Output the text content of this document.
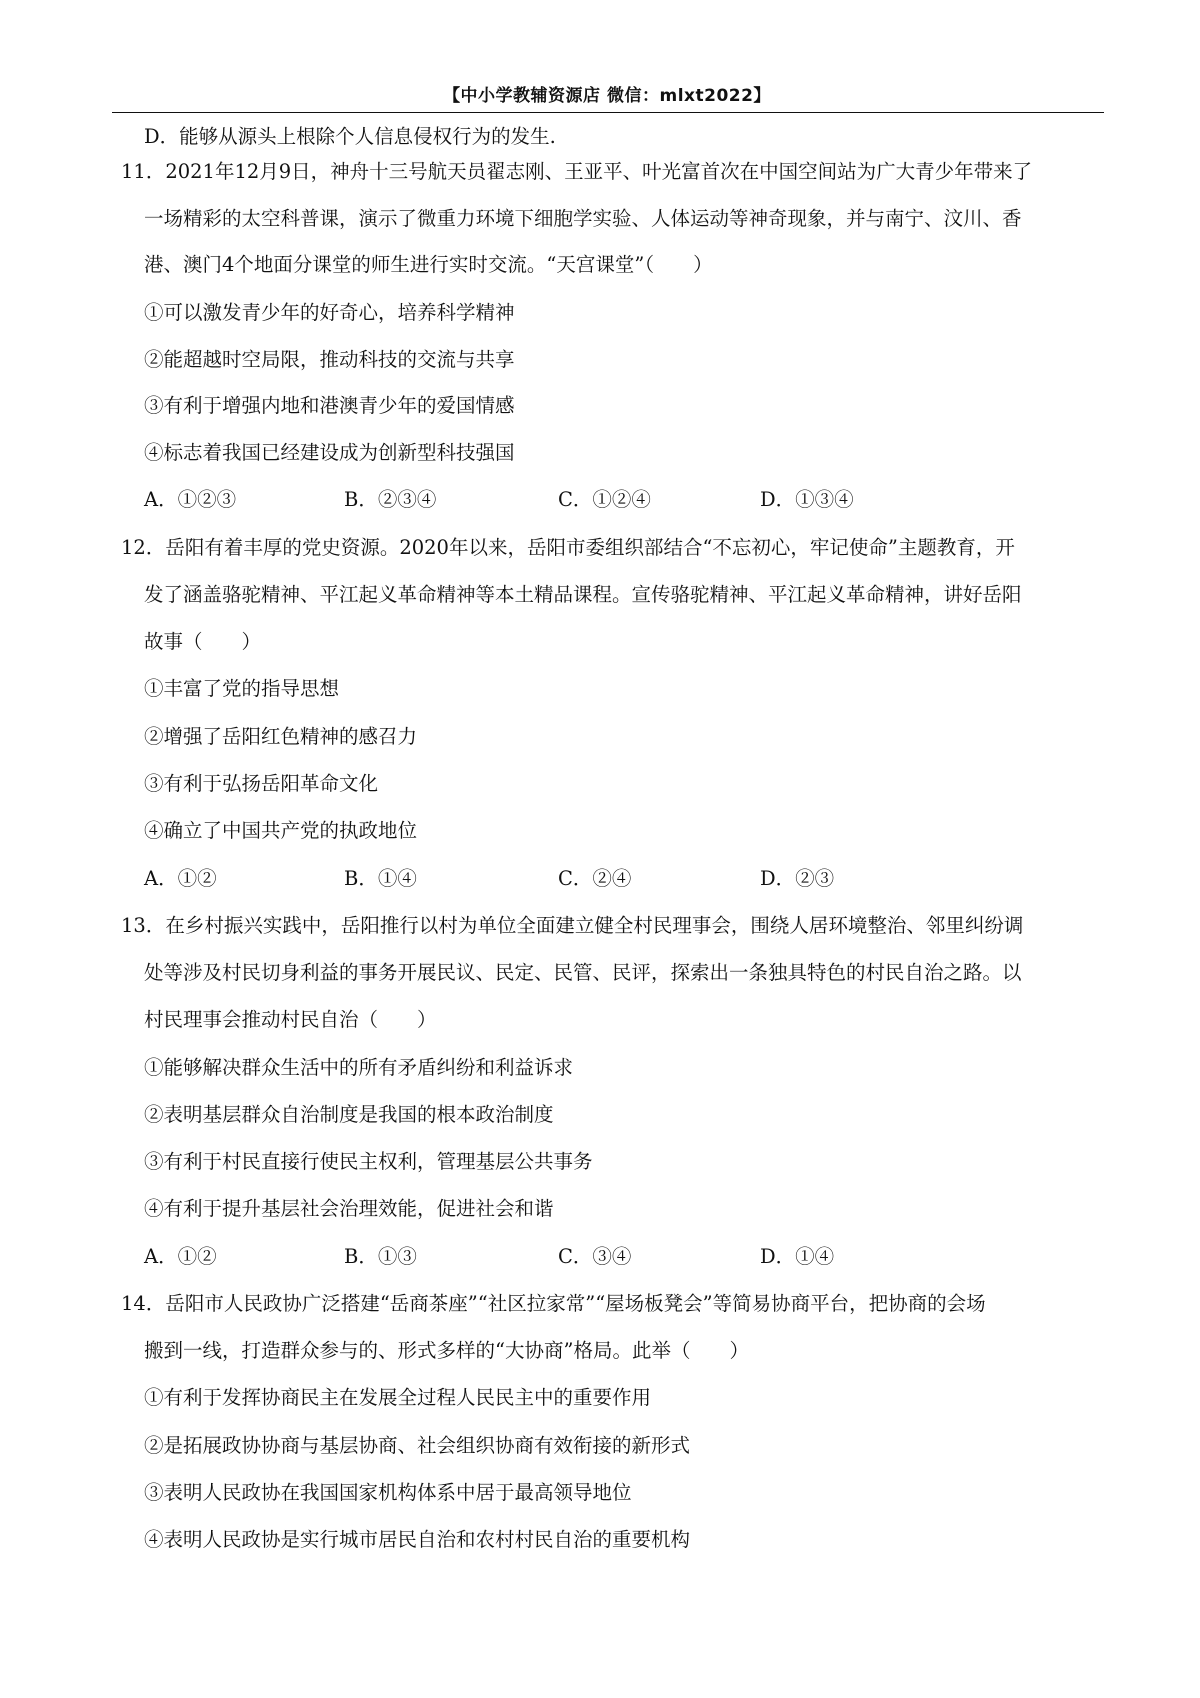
【中小学教辅资源店 微信：mlxt2022】
D．能够从源头上根除个人信息侵权行为的发生.
11．2021年12月9日，神舟十三号航天员翟志刚、王亚平、叶光富首次在中国空间站为广大青少年带来了
一场精彩的太空科普课，演示了微重力环境下细胞学实验、人体运动等神奇现象，并与南宁、汶川、香
港、澳门4个地面分课堂的师生进行实时交流。“天宫课堂”（　　）
①可以激发青少年的好奇心，培养科学精神
②能超越时空局限，推动科技的交流与共享
③有利于增强内地和港澳青少年的爱国情感
④标志着我国已经建设成为创新型科技强国
A．①②③	B．②③④	C．①②④	D．①③④
12．岳阳有着丰厚的党史资源。2020年以来，岳阳市委组织部结合“不忘初心，牢记使命”主题教育，开
发了涵盖骆驼精神、平江起义革命精神等本土精品课程。宣传骆驼精神、平江起义革命精神，讲好岳阳
故事（　　）
①丰富了党的指导思想
②增强了岳阳红色精神的感召力
③有利于弘扬岳阳革命文化
④确立了中国共产党的执政地位
A．①②	B．①④	C．②④	D．②③
13．在乡村振兴实践中，岳阳推行以村为单位全面建立健全村民理事会，围绕人居环境整治、邻里纠纷调
处等涉及村民切身利益的事务开展民议、民定、民管、民评，探索出一条独具特色的村民自治之路。以
村民理事会推动村民自治（　　）
①能够解决群众生活中的所有矛盾纠纷和利益诉求
②表明基层群众自治制度是我国的根本政治制度
③有利于村民直接行使民主权利，管理基层公共事务
④有利于提升基层社会治理效能，促进社会和谐
A．①②	B．①③	C．③④	D．①④
14．岳阳市人民政协广泛搭建“岳商茶座”“社区拉家常”“屋场板凳会”等简易协商平台，把协商的会场
搬到一线，打造群众参与的、形式多样的“大协商”格局。此举（　　）
①有利于发挥协商民主在发展全过程人民民主中的重要作用
②是拓展政协协商与基层协商、社会组织协商有效衔接的新形式
③表明人民政协在我国国家机构体系中居于最高领导地位
④表明人民政协是实行城市居民自治和农村村民自治的重要机构
